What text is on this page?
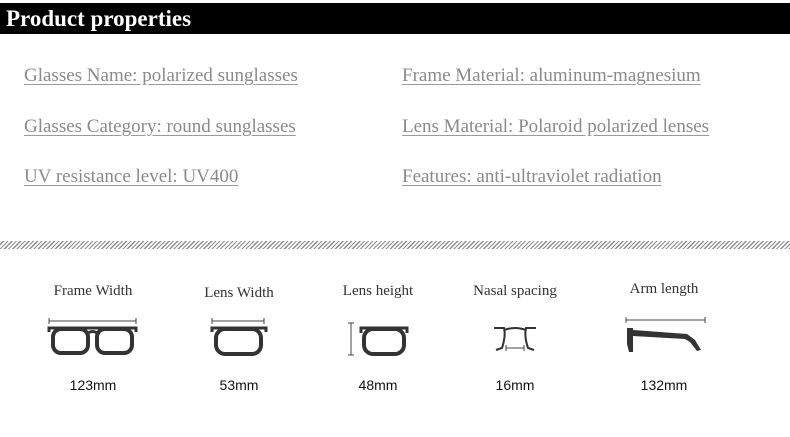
Product properties
Glasses Name: polarized sunglasses
Glasses Category: round sunglasses
UV resistance level: UV400
Frame Material: aluminum-magnesium
Lens Material: Polaroid polarized lenses
Features: anti-ultraviolet radiation
Frame Width
123mm
Lens Width
53mm
Lens height
48mm
Nasal spacing
16mm
Arm length
132mm
